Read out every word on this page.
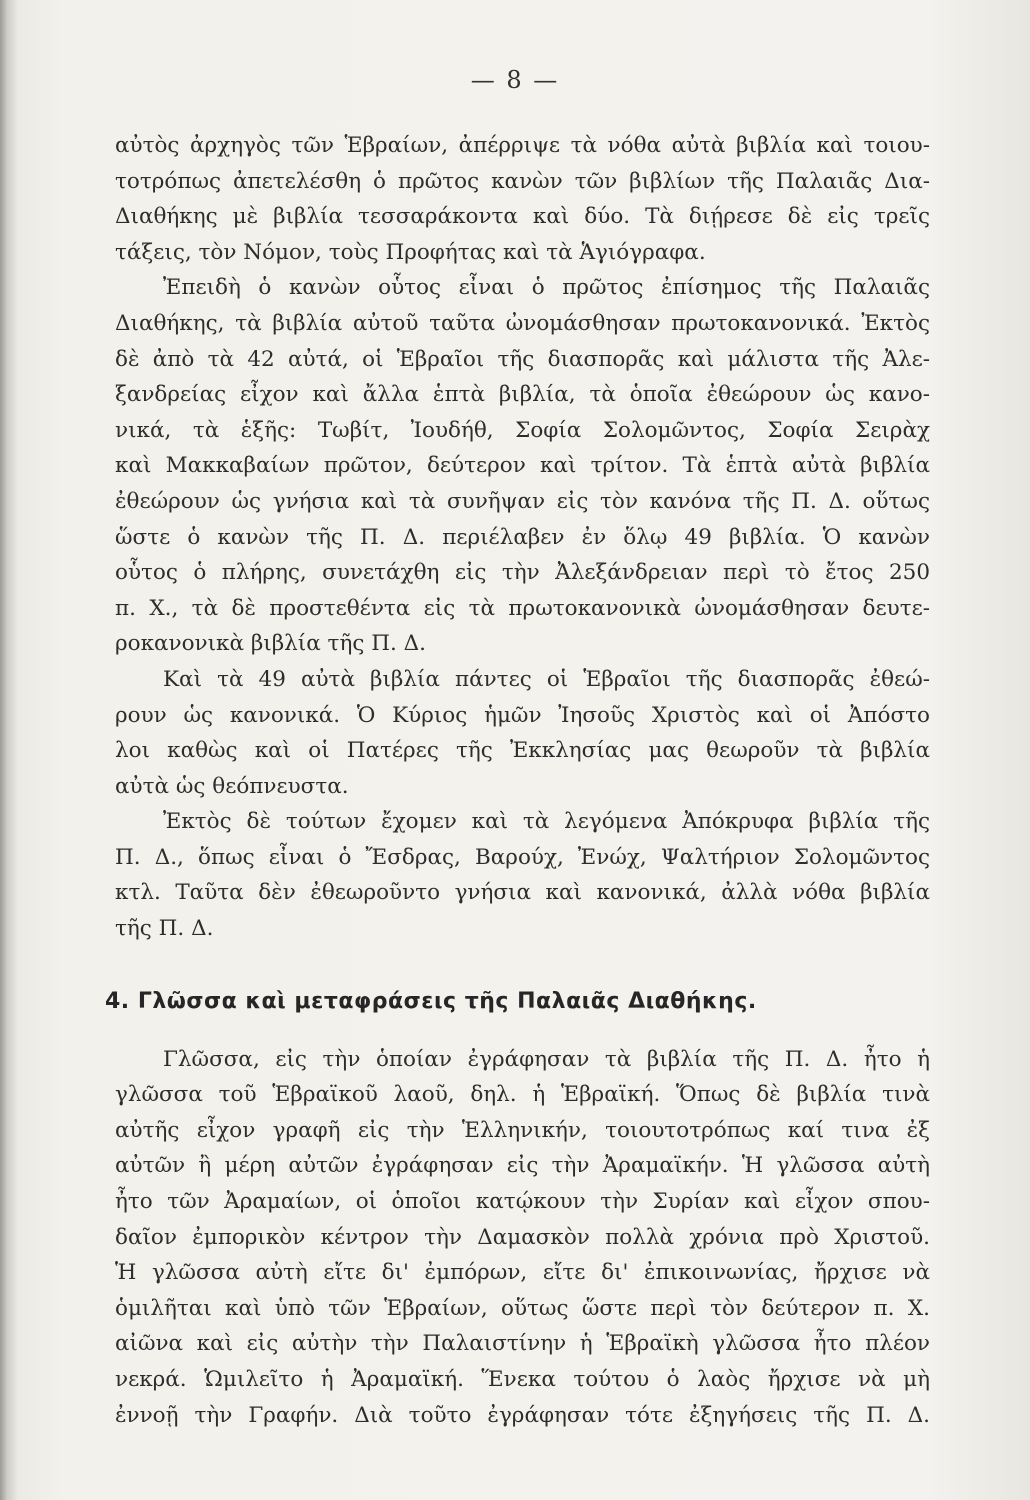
— 8 —
αὐτὸς ἀρχηγὸς τῶν Ἑβραίων, ἀπέρριψε τὰ νόθα αὐτὰ βιβλία καὶ τοιου-
τοτρόπως ἀπετελέσθη ὁ πρῶτος κανὼν τῶν βιβλίων τῆς Παλαιᾶς Δια-
Διαθήκης μὲ βιβλία τεσσαράκοντα καὶ δύο. Τὰ διῄρεσε δὲ εἰς τρεῖς
τάξεις, τὸν Νόμον, τοὺς Προφήτας καὶ τὰ Ἁγιόγραφα.
Ἐπειδὴ ὁ κανὼν οὗτος εἶναι ὁ πρῶτος ἐπίσημος τῆς Παλαιᾶς
Διαθήκης, τὰ βιβλία αὐτοῦ ταῦτα ὠνομάσθησαν πρωτοκανονικά. Ἐκτὸς
δὲ ἀπὸ τὰ 42 αὐτά, οἱ Ἑβραῖοι τῆς διασπορᾶς καὶ μάλιστα τῆς Ἀλε-
ξανδρείας εἶχον καὶ ἄλλα ἑπτὰ βιβλία, τὰ ὁποῖα ἐθεώρουν ὡς κανο-
νικά, τὰ ἑξῆς: Τωβίτ, Ἰουδήθ, Σοφία Σολομῶντος, Σοφία Σειρὰχ
καὶ Μακκαβαίων πρῶτον, δεύτερον καὶ τρίτον. Τὰ ἑπτὰ αὐτὰ βιβλία
ἐθεώρουν ὡς γνήσια καὶ τὰ συνῆψαν εἰς τὸν κανόνα τῆς Π. Δ. οὕτως
ὥστε ὁ κανὼν τῆς Π. Δ. περιέλαβεν ἐν ὅλῳ 49 βιβλία. Ὁ κανὼν
οὗτος ὁ πλήρης, συνετάχθη εἰς τὴν Ἀλεξάνδρειαν περὶ τὸ ἔτος 250
π. Χ., τὰ δὲ προστεθέντα εἰς τὰ πρωτοκανονικὰ ὠνομάσθησαν δευτε-
ροκανονικὰ βιβλία τῆς Π. Δ.
Καὶ τὰ 49 αὐτὰ βιβλία πάντες οἱ Ἑβραῖοι τῆς διασπορᾶς ἐθεώ-
ρουν ὡς κανονικά. Ὁ Κύριος ἡμῶν Ἰησοῦς Χριστὸς καὶ οἱ Ἀπόστο
λοι καθὼς καὶ οἱ Πατέρες τῆς Ἐκκλησίας μας θεωροῦν τὰ βιβλία
αὐτὰ ὡς θεόπνευστα.
Ἐκτὸς δὲ τούτων ἔχομεν καὶ τὰ λεγόμενα Ἀπόκρυφα βιβλία τῆς
Π. Δ., ὅπως εἶναι ὁ Ἔσδρας, Βαρούχ, Ἐνώχ, Ψαλτήριον Σολομῶντος
κτλ. Ταῦτα δὲν ἐθεωροῦντο γνήσια καὶ κανονικά, ἀλλὰ νόθα βιβλία
τῆς Π. Δ.
4. Γλῶσσα καὶ μεταφράσεις τῆς Παλαιᾶς Διαθήκης.
Γλῶσσα, εἰς τὴν ὁποίαν ἐγράφησαν τὰ βιβλία τῆς Π. Δ. ἦτο ἡ
γλῶσσα τοῦ Ἑβραϊκοῦ λαοῦ, δηλ. ἡ Ἑβραϊκή. Ὅπως δὲ βιβλία τινὰ
αὐτῆς εἶχον γραφῆ εἰς τὴν Ἑλληνικήν, τοιουτοτρόπως καί τινα ἐξ
αὐτῶν ἢ μέρη αὐτῶν ἐγράφησαν εἰς τὴν Ἀραμαϊκήν. Ἡ γλῶσσα αὐτὴ
ἦτο τῶν Ἀραμαίων, οἱ ὁποῖοι κατῴκουν τὴν Συρίαν καὶ εἶχον σπου-
δαῖον ἐμπορικὸν κέντρον τὴν Δαμασκὸν πολλὰ χρόνια πρὸ Χριστοῦ.
Ἡ γλῶσσα αὐτὴ εἴτε δι' ἐμπόρων, εἴτε δι' ἐπικοινωνίας, ἤρχισε νὰ
ὁμιλῆται καὶ ὑπὸ τῶν Ἑβραίων, οὕτως ὥστε περὶ τὸν δεύτερον π. Χ.
αἰῶνα καὶ εἰς αὐτὴν τὴν Παλαιστίνην ἡ Ἑβραϊκὴ γλῶσσα ἦτο πλέον
νεκρά. Ὡμιλεῖτο ἡ Ἀραμαϊκή. Ἕνεκα τούτου ὁ λαὸς ἤρχισε νὰ μὴ
ἐννοῇ τὴν Γραφήν. Διὰ τοῦτο ἐγράφησαν τότε ἐξηγήσεις τῆς Π. Δ.
